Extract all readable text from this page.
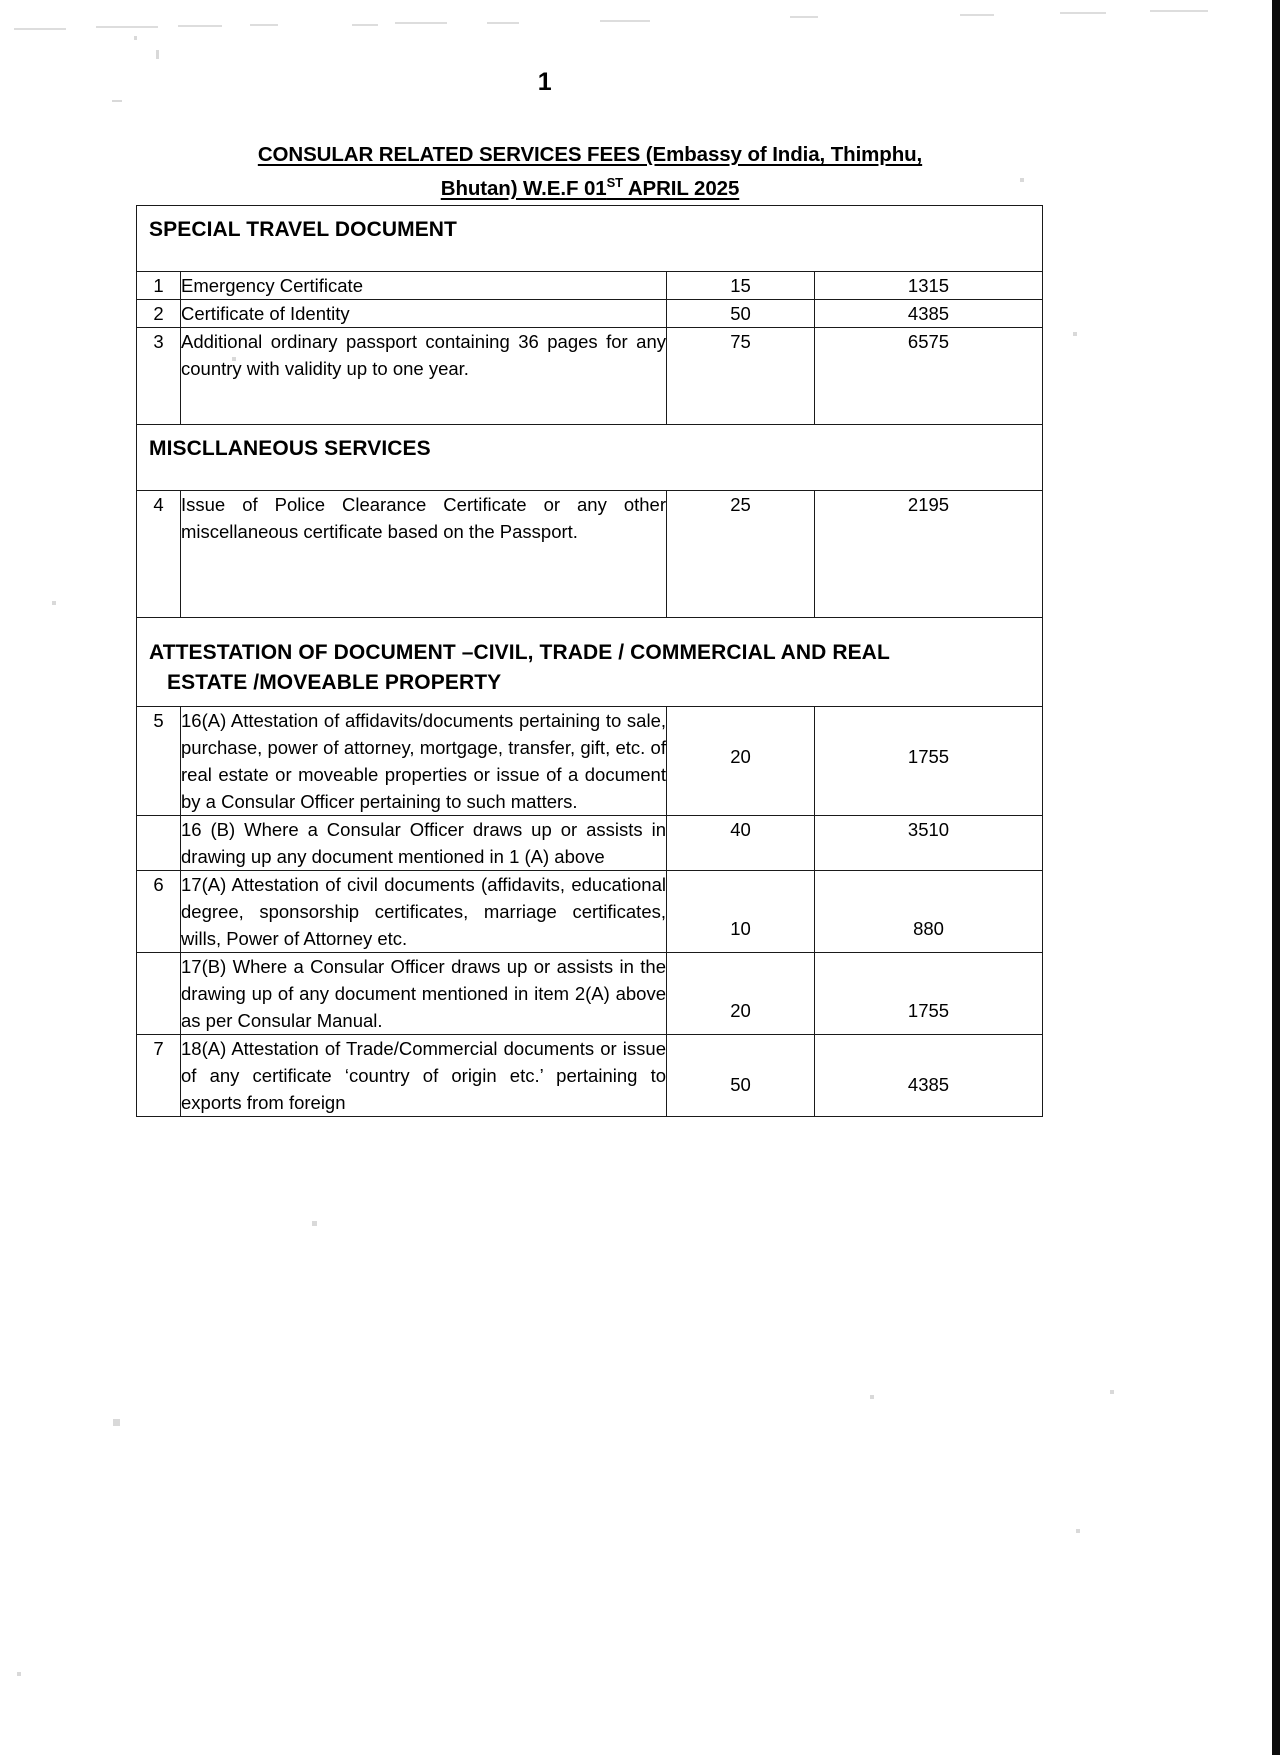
1
CONSULAR RELATED SERVICES FEES (Embassy of India, Thimphu,
Bhutan) W.E.F 01ST APRIL 2025
SPECIAL TRAVEL DOCUMENT			
1	Emergency Certificate	15	1315
2	Certificate of Identity	50	4385
3	Additional ordinary passport containing 36 pages for any country with validity up to one year.	75	6575
MISCLLANEOUS SERVICES			
4	Issue of Police Clearance Certificate or any other miscellaneous certificate based on the Passport.	25	2195
ATTESTATION OF DOCUMENT –CIVIL, TRADE / COMMERCIAL AND REAL
ESTATE /MOVEABLE PROPERTY			

5	16(A) Attestation of affidavits/documents pertaining to sale, purchase, power of attorney, mortgage, transfer, gift, etc. of real estate or moveable properties or issue of a document by a Consular Officer pertaining to such matters.	20	1755
	16 (B) Where a Consular Officer draws up or assists in drawing up any document mentioned in 1 (A) above	40	3510
6	17(A) Attestation of civil documents (affidavits, educational degree, sponsorship certificates, marriage certificates, wills, Power of Attorney etc.	10	880
	17(B) Where a Consular Officer draws up or assists in the drawing up of any document mentioned in item 2(A) above as per Consular Manual.	20	1755
7	18(A) Attestation of Trade/Commercial documents or issue of any certificate ‘country of origin etc.’ pertaining to exports from foreign	50	4385
